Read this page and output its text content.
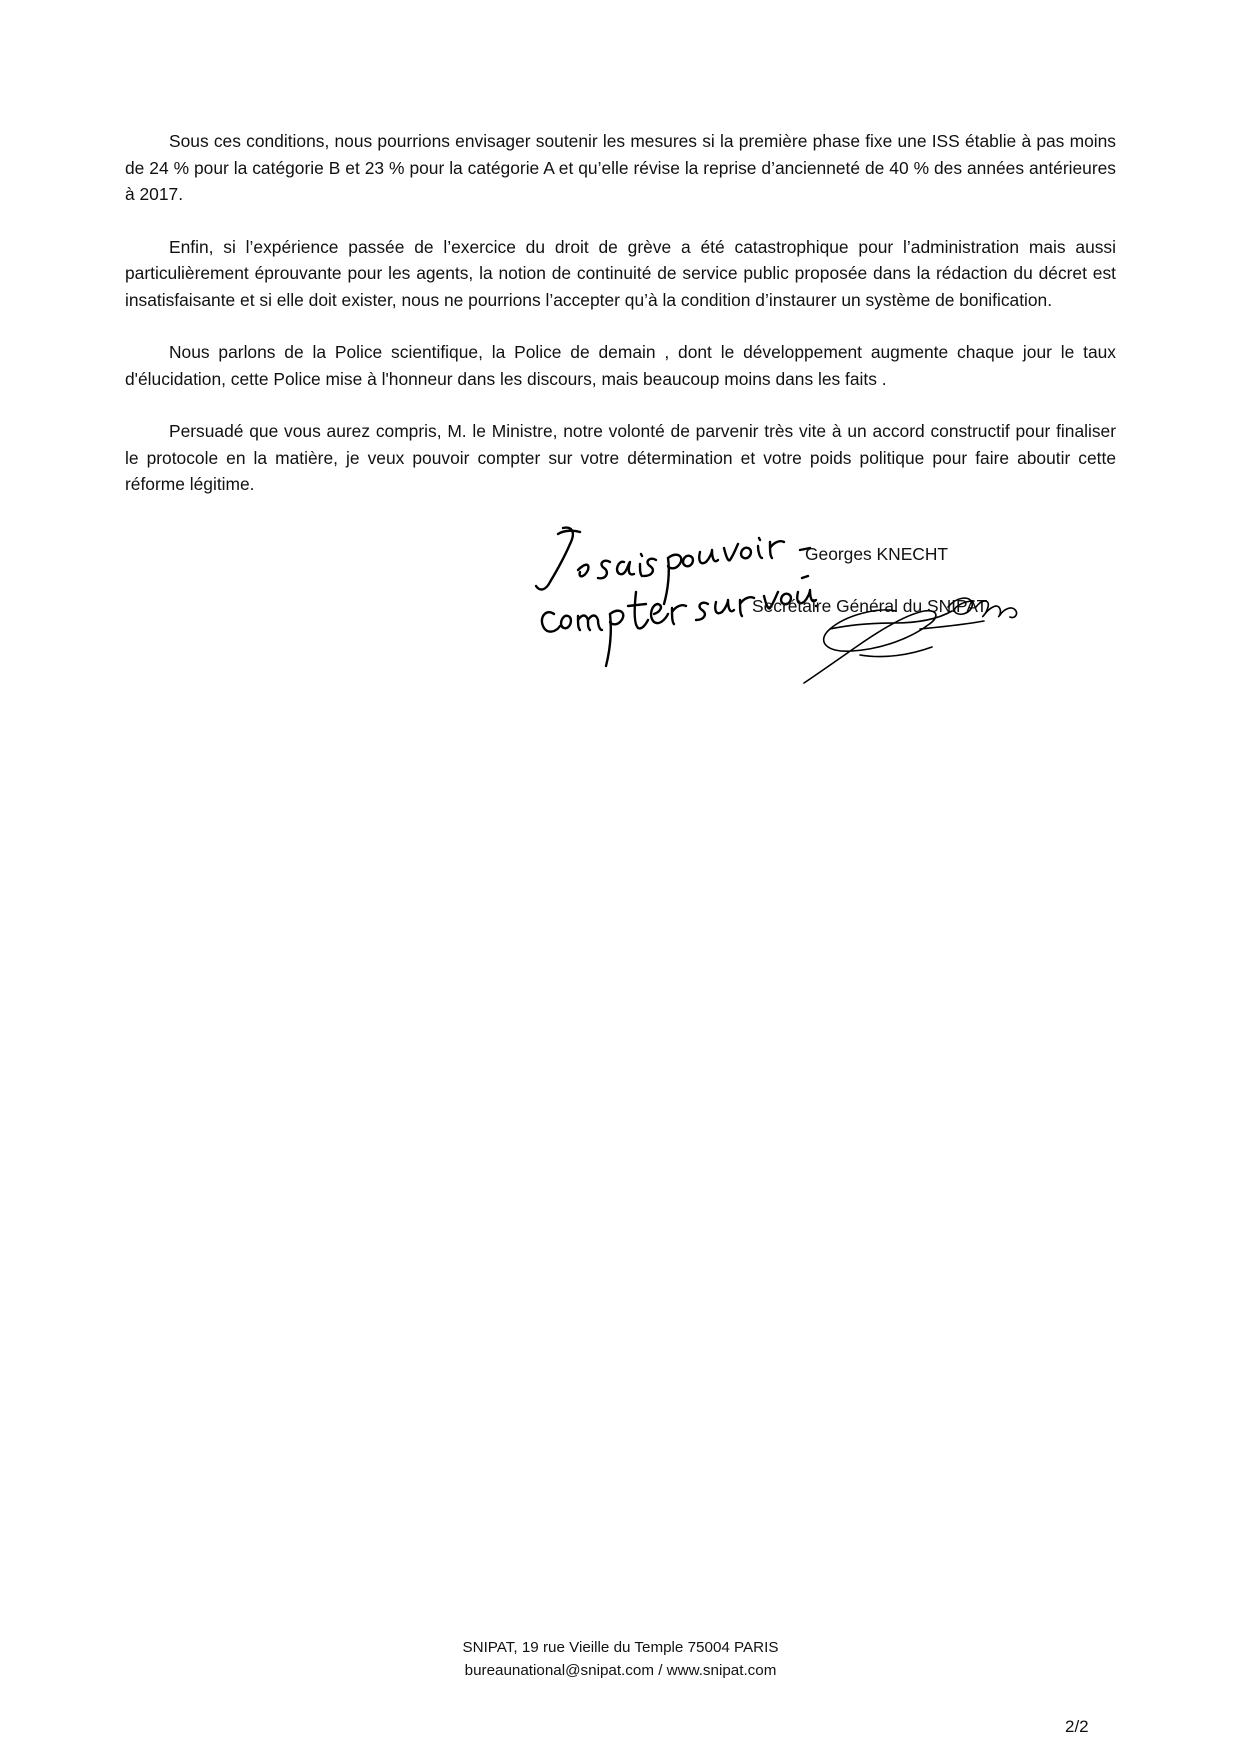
Sous ces conditions, nous pourrions envisager soutenir les mesures si la première phase fixe une ISS établie à pas moins de 24 % pour la catégorie B et 23 % pour la catégorie A et qu’elle révise la reprise d’ancienneté de 40 % des années antérieures à 2017.

Enfin, si l’expérience passée de l’exercice du droit de grève a été catastrophique pour l’administration mais aussi particulièrement éprouvante pour les agents, la notion de continuité de service public proposée dans la rédaction du décret est insatisfaisante et si elle doit exister, nous ne pourrions l’accepter qu’à la condition d’instaurer un système de bonification.

Nous parlons de la Police scientifique, la Police de demain , dont le développement augmente chaque jour le taux d'élucidation, cette Police mise à l'honneur dans les discours, mais beaucoup moins dans les faits .

Persuadé que vous aurez compris, M. le Ministre, notre volonté de parvenir très vite à un accord constructif pour finaliser le protocole en la matière, je veux pouvoir compter sur votre détermination et votre poids politique pour faire aboutir cette réforme légitime.

Georges KNECHT
Secrétaire Général du SNIPAT
SNIPAT, 19 rue Vieille du Temple 75004 PARIS
bureaunational@snipat.com / www.snipat.com
2/2
